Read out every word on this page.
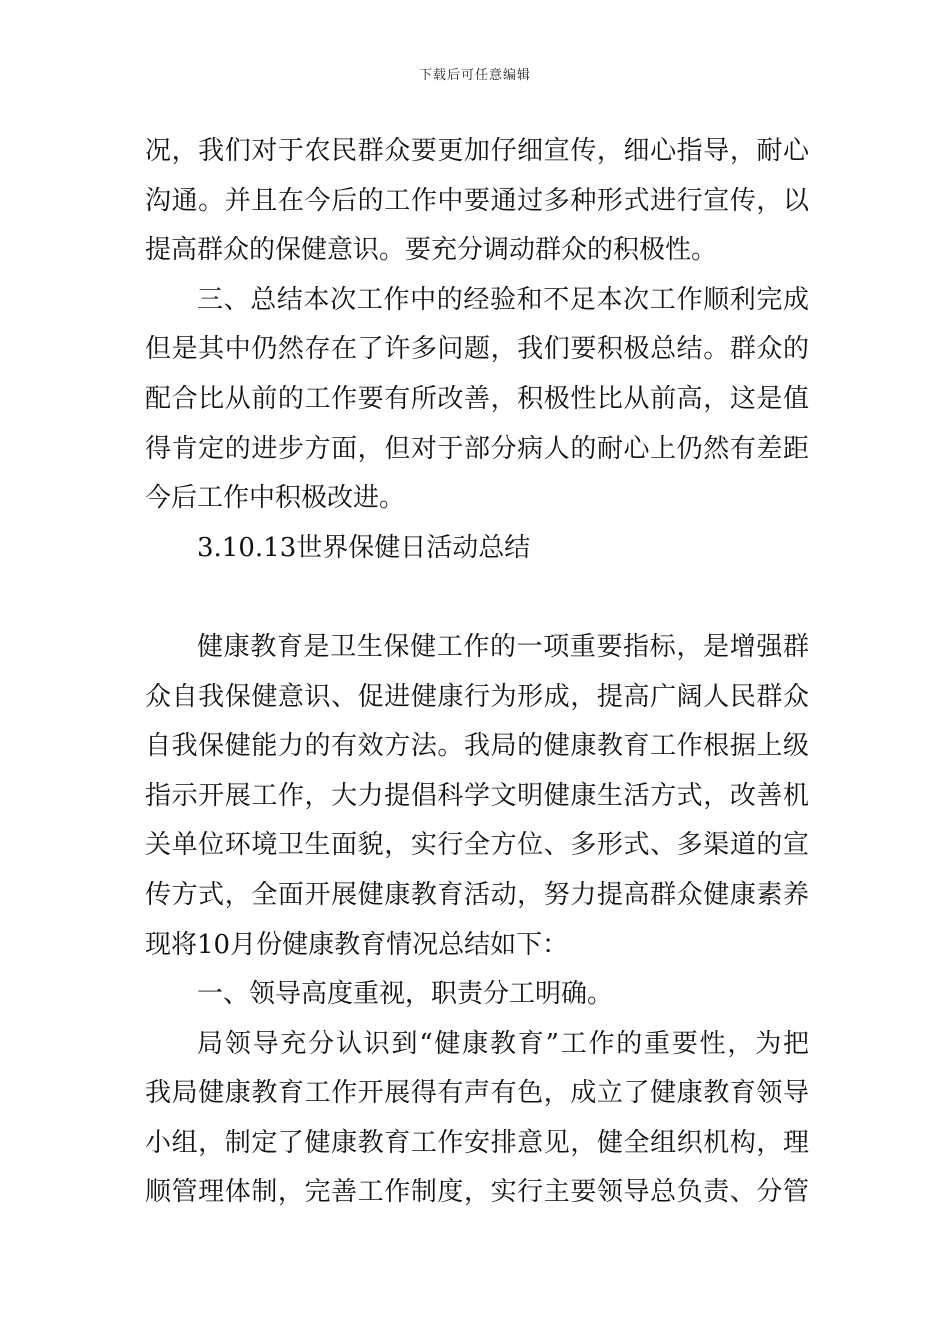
下载后可任意编辑
况，我们对于农民群众要更加仔细宣传，细心指导，耐心
沟通。并且在今后的工作中要通过多种形式进行宣传，以
提高群众的保健意识。要充分调动群众的积极性。
三、总结本次工作中的经验和不足本次工作顺利完成
但是其中仍然存在了许多问题，我们要积极总结。群众的
配合比从前的工作要有所改善，积极性比从前高，这是值
得肯定的进步方面，但对于部分病人的耐心上仍然有差距
今后工作中积极改进。
3.10.13世界保健日活动总结
健康教育是卫生保健工作的一项重要指标，是增强群
众自我保健意识、促进健康行为形成，提高广阔人民群众
自我保健能力的有效方法。我局的健康教育工作根据上级
指示开展工作，大力提倡科学文明健康生活方式，改善机
关单位环境卫生面貌，实行全方位、多形式、多渠道的宣
传方式，全面开展健康教育活动，努力提高群众健康素养
现将10月份健康教育情况总结如下：
一、领导高度重视，职责分工明确。
局领导充分认识到“健康教育”工作的重要性，为把
我局健康教育工作开展得有声有色，成立了健康教育领导
小组，制定了健康教育工作安排意见，健全组织机构，理
顺管理体制，完善工作制度，实行主要领导总负责、分管
